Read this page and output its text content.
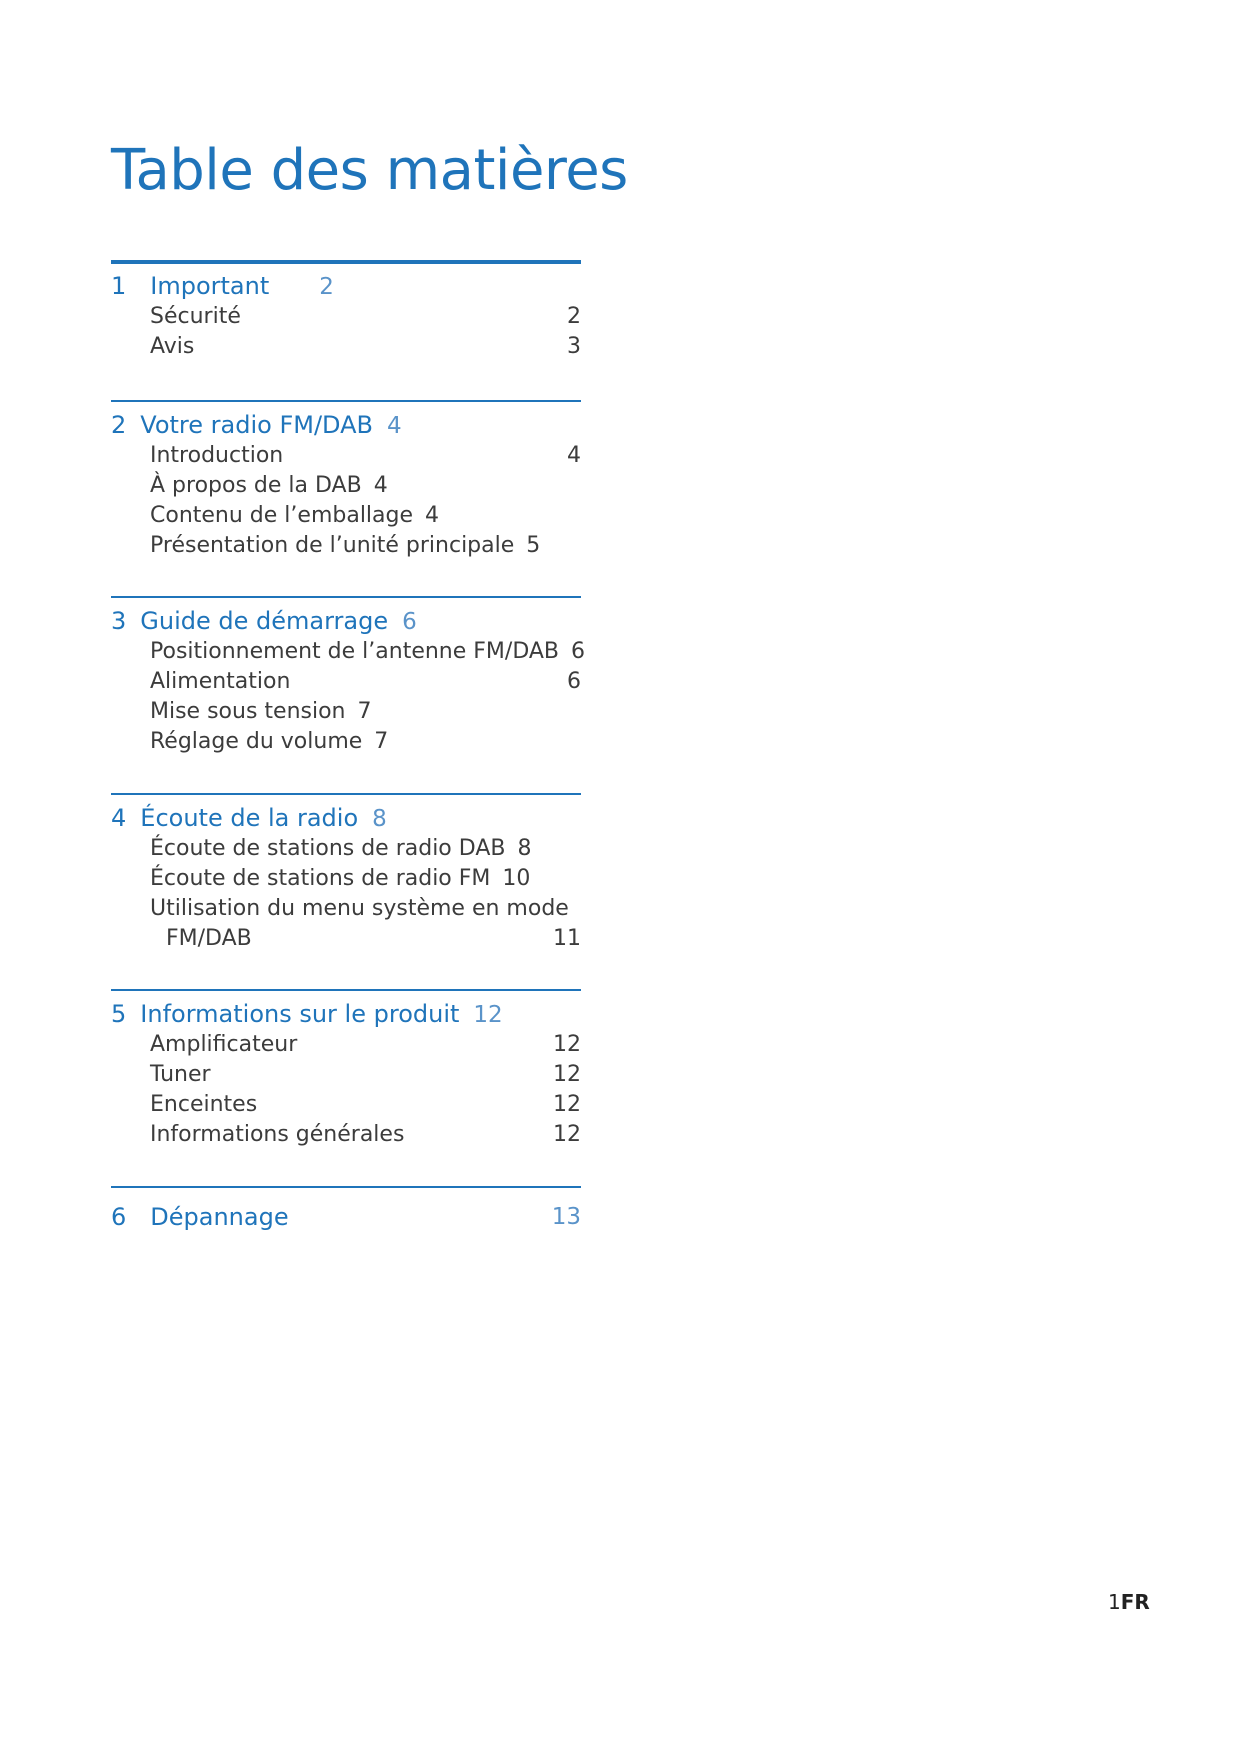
Table des matières
1 Important 2
Sécurité	2
Avis	3
2 Votre radio FM/DAB 4
Introduction	4
À propos de la DAB 4
Contenu de l’emballage 4
Présentation de l’unité principale 5
3 Guide de démarrage 6
Positionnement de l’antenne FM/DAB 6
Alimentation	6
Mise sous tension 7
Réglage du volume 7
4 Écoute de la radio 8
Écoute de stations de radio DAB 8
Écoute de stations de radio FM 10
Utilisation du menu système en mode
FM/DAB	11
5 Informations sur le produit 12
Amplificateur	12
Tuner	12
Enceintes	12
Informations générales	12
6 Dépannage	13
1FR
